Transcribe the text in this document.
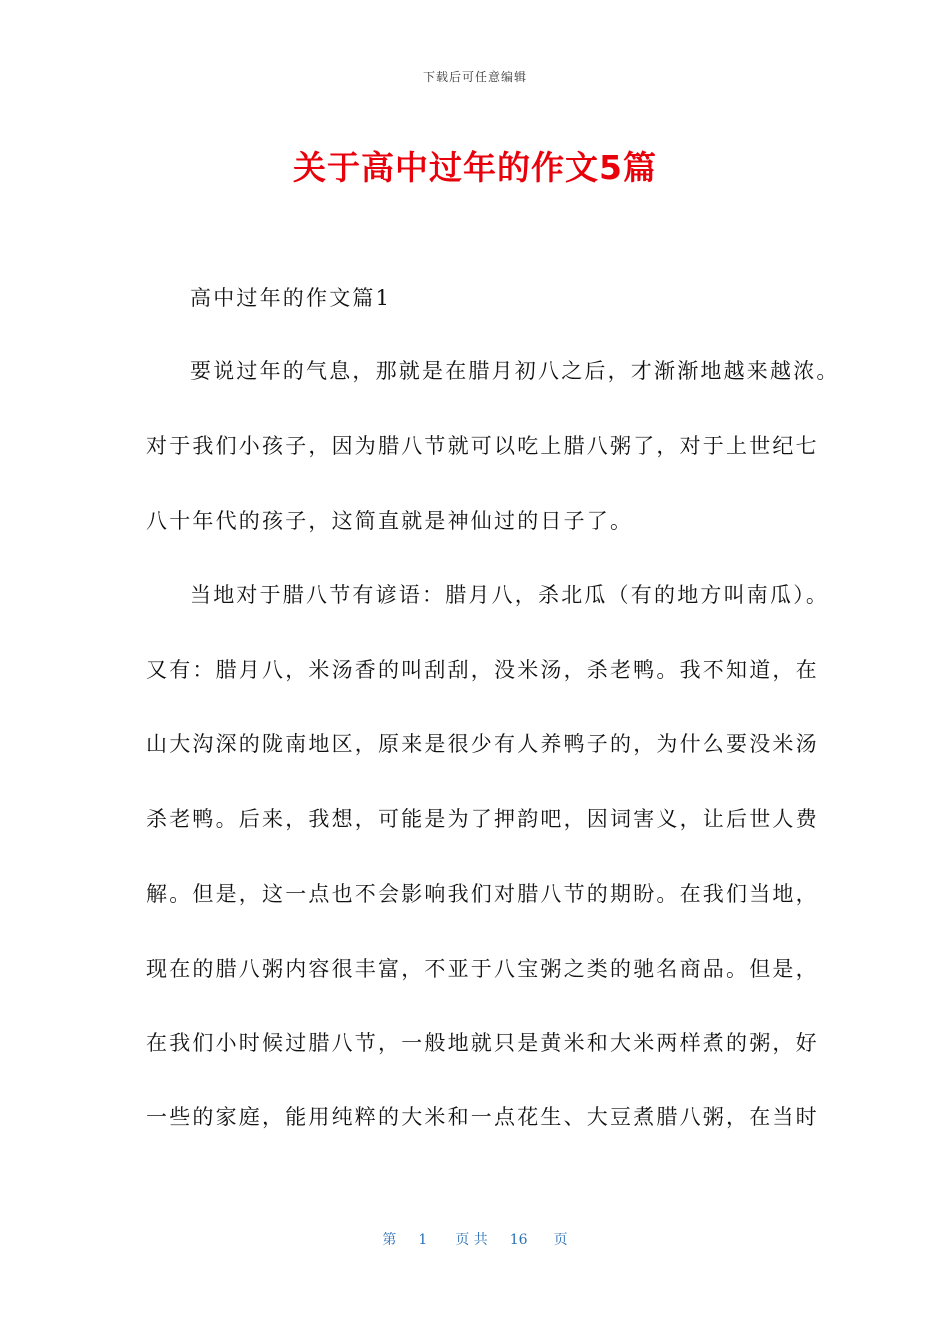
下载后可任意编辑
关于高中过年的作文5篇
高中过年的作文篇1
要说过年的气息，那就是在腊月初八之后，才渐渐地越来越浓。
对于我们小孩子，因为腊八节就可以吃上腊八粥了，对于上世纪七
八十年代的孩子，这简直就是神仙过的日子了。
当地对于腊八节有谚语：腊月八，杀北瓜（有的地方叫南瓜）。
又有：腊月八，米汤香的叫刮刮，没米汤，杀老鸭。我不知道，在
山大沟深的陇南地区，原来是很少有人养鸭子的，为什么要没米汤
杀老鸭。后来，我想，可能是为了押韵吧，因词害义，让后世人费
解。但是，这一点也不会影响我们对腊八节的期盼。在我们当地，
现在的腊八粥内容很丰富，不亚于八宝粥之类的驰名商品。但是，
在我们小时候过腊八节，一般地就只是黄米和大米两样煮的粥，好
一些的家庭，能用纯粹的大米和一点花生、大豆煮腊八粥，在当时
第 1 页 共 16 页
